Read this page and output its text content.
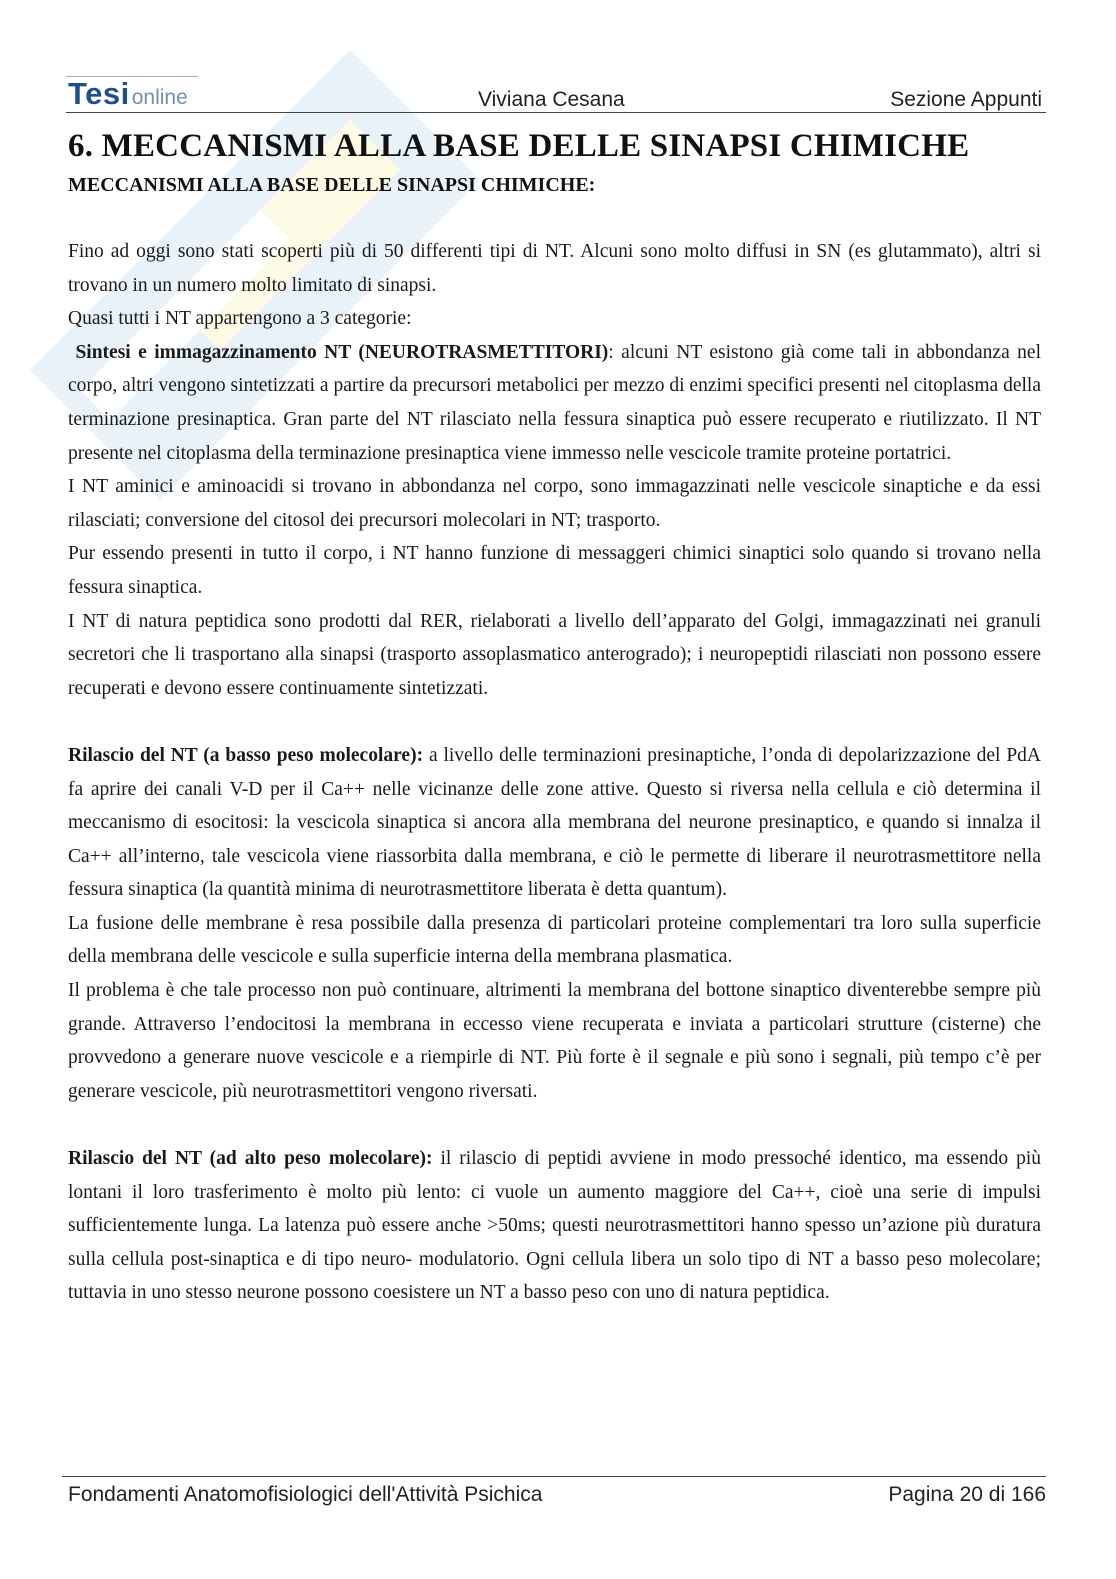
Tesionline	Viviana Cesana	Sezione Appunti
6. MECCANISMI ALLA BASE DELLE SINAPSI CHIMICHE
MECCANISMI ALLA BASE DELLE SINAPSI CHIMICHE:

Fino ad oggi sono stati scoperti più di 50 differenti tipi di NT. Alcuni sono molto diffusi in SN (es glutammato), altri si trovano in un numero molto limitato di sinapsi.

Quasi tutti i NT appartengono a 3 categorie:

Sintesi e immagazzinamento NT (NEUROTRASMETTITORI): alcuni NT esistono già come tali in abbondanza nel corpo, altri vengono sintetizzati a partire da precursori metabolici per mezzo di enzimi specifici presenti nel citoplasma della terminazione presinaptica. Gran parte del NT rilasciato nella fessura sinaptica può essere recuperato e riutilizzato. Il NT presente nel citoplasma della terminazione presinaptica viene immesso nelle vescicole tramite proteine portatrici.

I NT aminici e aminoacidi si trovano in abbondanza nel corpo, sono immagazzinati nelle vescicole sinaptiche e da essi rilasciati; conversione del citosol dei precursori molecolari in NT; trasporto.

Pur essendo presenti in tutto il corpo, i NT hanno funzione di messaggeri chimici sinaptici solo quando si trovano nella fessura sinaptica.

I NT di natura peptidica sono prodotti dal RER, rielaborati a livello dell’apparato del Golgi, immagazzinati nei granuli secretori che li trasportano alla sinapsi (trasporto assoplasmatico anterogrado); i neuropeptidi rilasciati non possono essere recuperati e devono essere continuamente sintetizzati.

Rilascio del NT (a basso peso molecolare): a livello delle terminazioni presinaptiche, l’onda di depolarizzazione del PdA fa aprire dei canali V-D per il Ca++ nelle vicinanze delle zone attive. Questo si riversa nella cellula e ciò determina il meccanismo di esocitosi: la vescicola sinaptica si ancora alla membrana del neurone presinaptico, e quando si innalza il Ca++ all’interno, tale vescicola viene riassorbita dalla membrana, e ciò le permette di liberare il neurotrasmettitore nella fessura sinaptica (la quantità minima di neurotrasmettitore liberata è detta quantum).

La fusione delle membrane è resa possibile dalla presenza di particolari proteine complementari tra loro sulla superficie della membrana delle vescicole e sulla superficie interna della membrana plasmatica.

Il problema è che tale processo non può continuare, altrimenti la membrana del bottone sinaptico diventerebbe sempre più grande. Attraverso l’endocitosi la membrana in eccesso viene recuperata e inviata a particolari strutture (cisterne) che provvedono a generare nuove vescicole e a riempirle di NT. Più forte è il segnale e più sono i segnali, più tempo c’è per generare vescicole, più neurotrasmettitori vengono riversati.

Rilascio del NT (ad alto peso molecolare): il rilascio di peptidi avviene in modo pressoché identico, ma essendo più lontani il loro trasferimento è molto più lento: ci vuole un aumento maggiore del Ca++, cioè una serie di impulsi sufficientemente lunga. La latenza può essere anche >50ms; questi neurotrasmettitori hanno spesso un’azione più duratura sulla cellula post-sinaptica e di tipo neuro- modulatorio. Ogni cellula libera un solo tipo di NT a basso peso molecolare; tuttavia in uno stesso neurone possono coesistere un NT a basso peso con uno di natura peptidica.

Fondamenti Anatomofisiologici dell'Attività Psichica	Pagina 20 di 166
